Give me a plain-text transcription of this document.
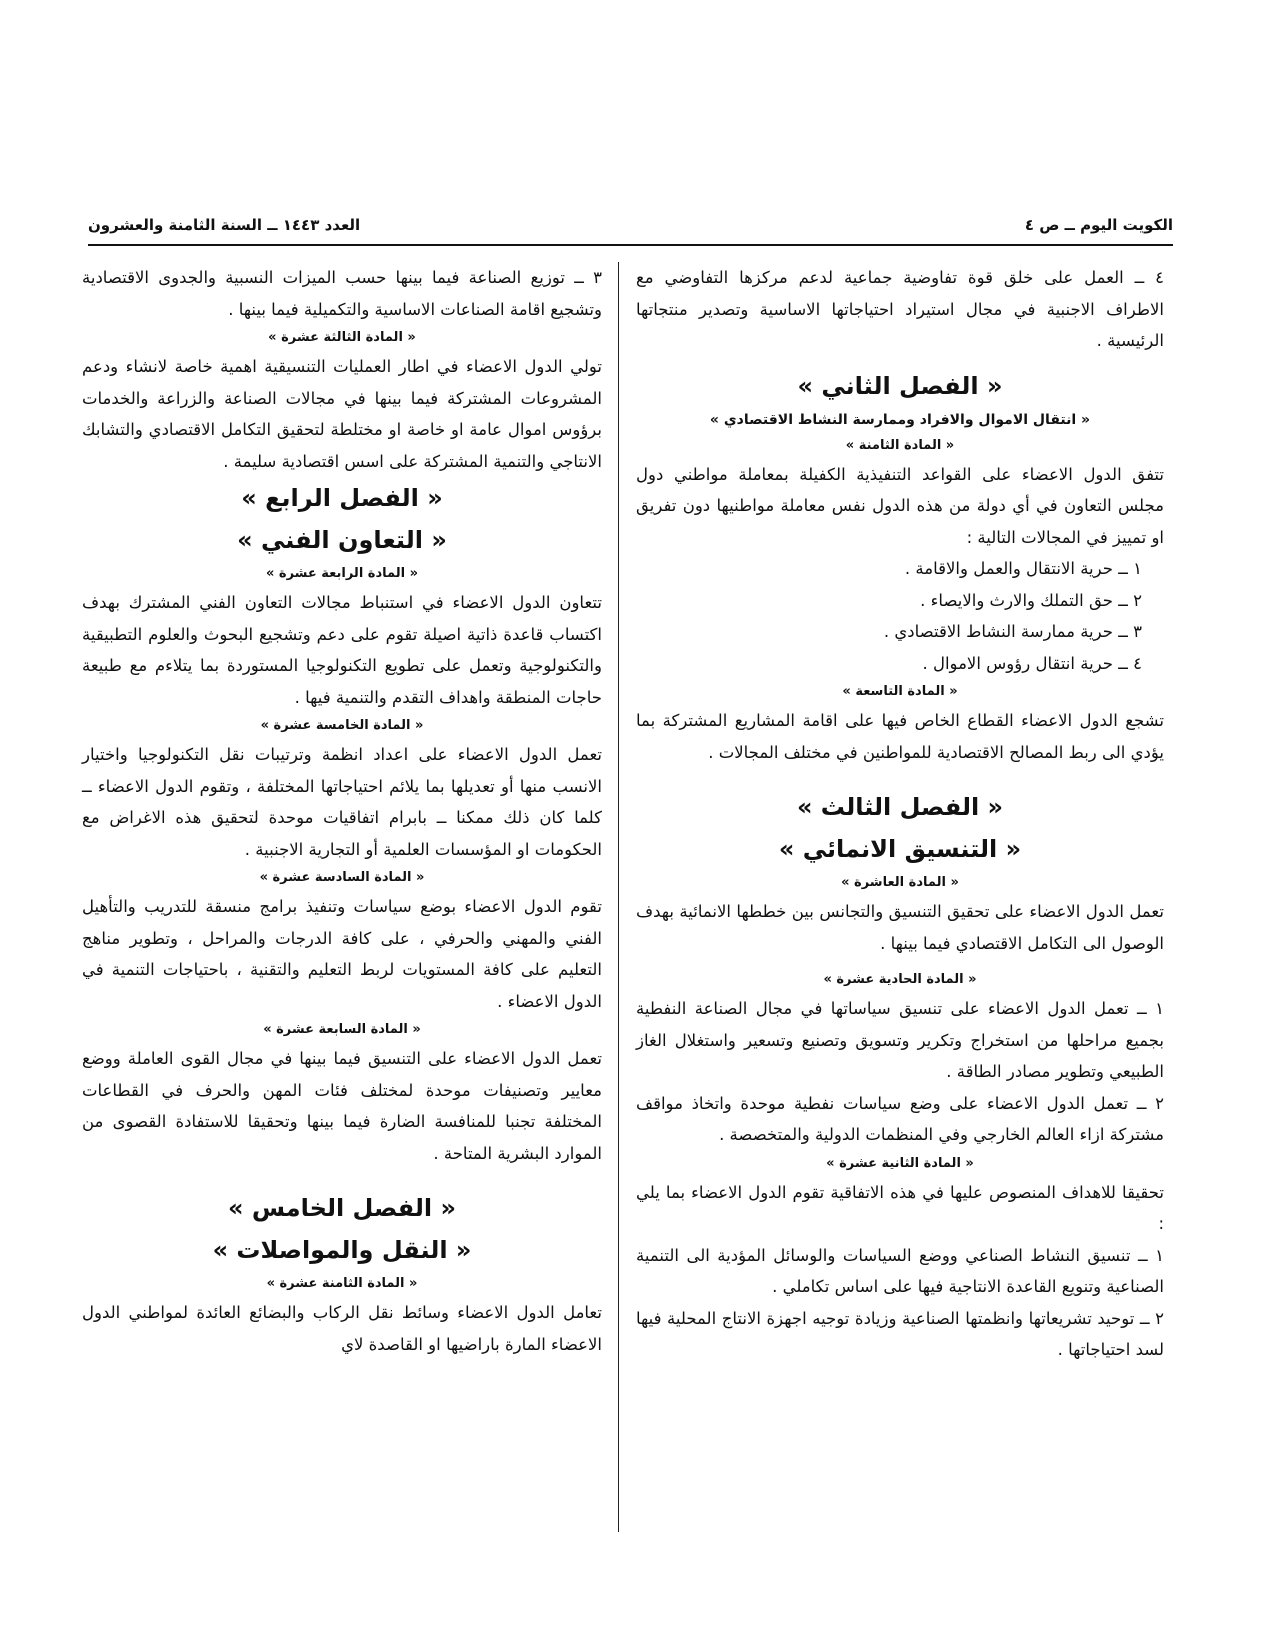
الكويت اليوم ــ ص ٤
العدد ١٤٤٣ ــ السنة الثامنة والعشرون

٤ ــ العمل على خلق قوة تفاوضية جماعية لدعم مركزها التفاوضي مع الاطراف الاجنبية في مجال استيراد احتياجاتها الاساسية وتصدير منتجاتها الرئيسية .

« الفصل الثاني »
« انتقال الاموال والافراد وممارسة النشاط الاقتصادي »
« المادة الثامنة »

تتفق الدول الاعضاء على القواعد التنفيذية الكفيلة بمعاملة مواطني دول مجلس التعاون في أي دولة من هذه الدول نفس معاملة مواطنيها دون تفريق او تمييز في المجالات التالية :

١ ــ حرية الانتقال والعمل والاقامة .

٢ ــ حق التملك والارث والايصاء .

٣ ــ حرية ممارسة النشاط الاقتصادي .

٤ ــ حرية انتقال رؤوس الاموال .

« المادة التاسعة »

تشجع الدول الاعضاء القطاع الخاص فيها على اقامة المشاريع المشتركة بما يؤدي الى ربط المصالح الاقتصادية للمواطنين في مختلف المجالات .

« الفصل الثالث »
« التنسيق الانمائي »
« المادة العاشرة »

تعمل الدول الاعضاء على تحقيق التنسيق والتجانس بين خططها الانمائية بهدف الوصول الى التكامل الاقتصادي فيما بينها .

« المادة الحادية عشرة »

١ ــ تعمل الدول الاعضاء على تنسيق سياساتها في مجال الصناعة النفطية بجميع مراحلها من استخراج وتكرير وتسويق وتصنيع وتسعير واستغلال الغاز الطبيعي وتطوير مصادر الطاقة .

٢ ــ تعمل الدول الاعضاء على وضع سياسات نفطية موحدة واتخاذ مواقف مشتركة ازاء العالم الخارجي وفي المنظمات الدولية والمتخصصة .

« المادة الثانية عشرة »

تحقيقا للاهداف المنصوص عليها في هذه الاتفاقية تقوم الدول الاعضاء بما يلي :

١ ــ تنسيق النشاط الصناعي ووضع السياسات والوسائل المؤدية الى التنمية الصناعية وتنويع القاعدة الانتاجية فيها على اساس تكاملي .

٢ ــ توحيد تشريعاتها وانظمتها الصناعية وزيادة توجيه اجهزة الانتاج المحلية فيها لسد احتياجاتها .

٣ ــ توزيع الصناعة فيما بينها حسب الميزات النسبية والجدوى الاقتصادية وتشجيع اقامة الصناعات الاساسية والتكميلية فيما بينها .

« المادة الثالثة عشرة »

تولي الدول الاعضاء في اطار العمليات التنسيقية اهمية خاصة لانشاء ودعم المشروعات المشتركة فيما بينها في مجالات الصناعة والزراعة والخدمات برؤوس اموال عامة او خاصة او مختلطة لتحقيق التكامل الاقتصادي والتشابك الانتاجي والتنمية المشتركة على اسس اقتصادية سليمة .

« الفصل الرابع »
« التعاون الفني »
« المادة الرابعة عشرة »

تتعاون الدول الاعضاء في استنباط مجالات التعاون الفني المشترك بهدف اكتساب قاعدة ذاتية اصيلة تقوم على دعم وتشجيع البحوث والعلوم التطبيقية والتكنولوجية وتعمل على تطويع التكنولوجيا المستوردة بما يتلاءم مع طبيعة حاجات المنطقة واهداف التقدم والتنمية فيها .

« المادة الخامسة عشرة »

تعمل الدول الاعضاء على اعداد انظمة وترتيبات نقل التكنولوجيا واختيار الانسب منها أو تعديلها بما يلائم احتياجاتها المختلفة ، وتقوم الدول الاعضاء ــ كلما كان ذلك ممكنا ــ بابرام اتفاقيات موحدة لتحقيق هذه الاغراض مع الحكومات او المؤسسات العلمية أو التجارية الاجنبية .

« المادة السادسة عشرة »

تقوم الدول الاعضاء بوضع سياسات وتنفيذ برامج منسقة للتدريب والتأهيل الفني والمهني والحرفي ، على كافة الدرجات والمراحل ، وتطوير مناهج التعليم على كافة المستويات لربط التعليم والتقنية ، باحتياجات التنمية في الدول الاعضاء .

« المادة السابعة عشرة »

تعمل الدول الاعضاء على التنسيق فيما بينها في مجال القوى العاملة ووضع معايير وتصنيفات موحدة لمختلف فئات المهن والحرف في القطاعات المختلفة تجنبا للمنافسة الضارة فيما بينها وتحقيقا للاستفادة القصوى من الموارد البشرية المتاحة .

« الفصل الخامس »
« النقل والمواصلات »
« المادة الثامنة عشرة »

تعامل الدول الاعضاء وسائط نقل الركاب والبضائع العائدة لمواطني الدول الاعضاء المارة باراضيها او القاصدة لاي
